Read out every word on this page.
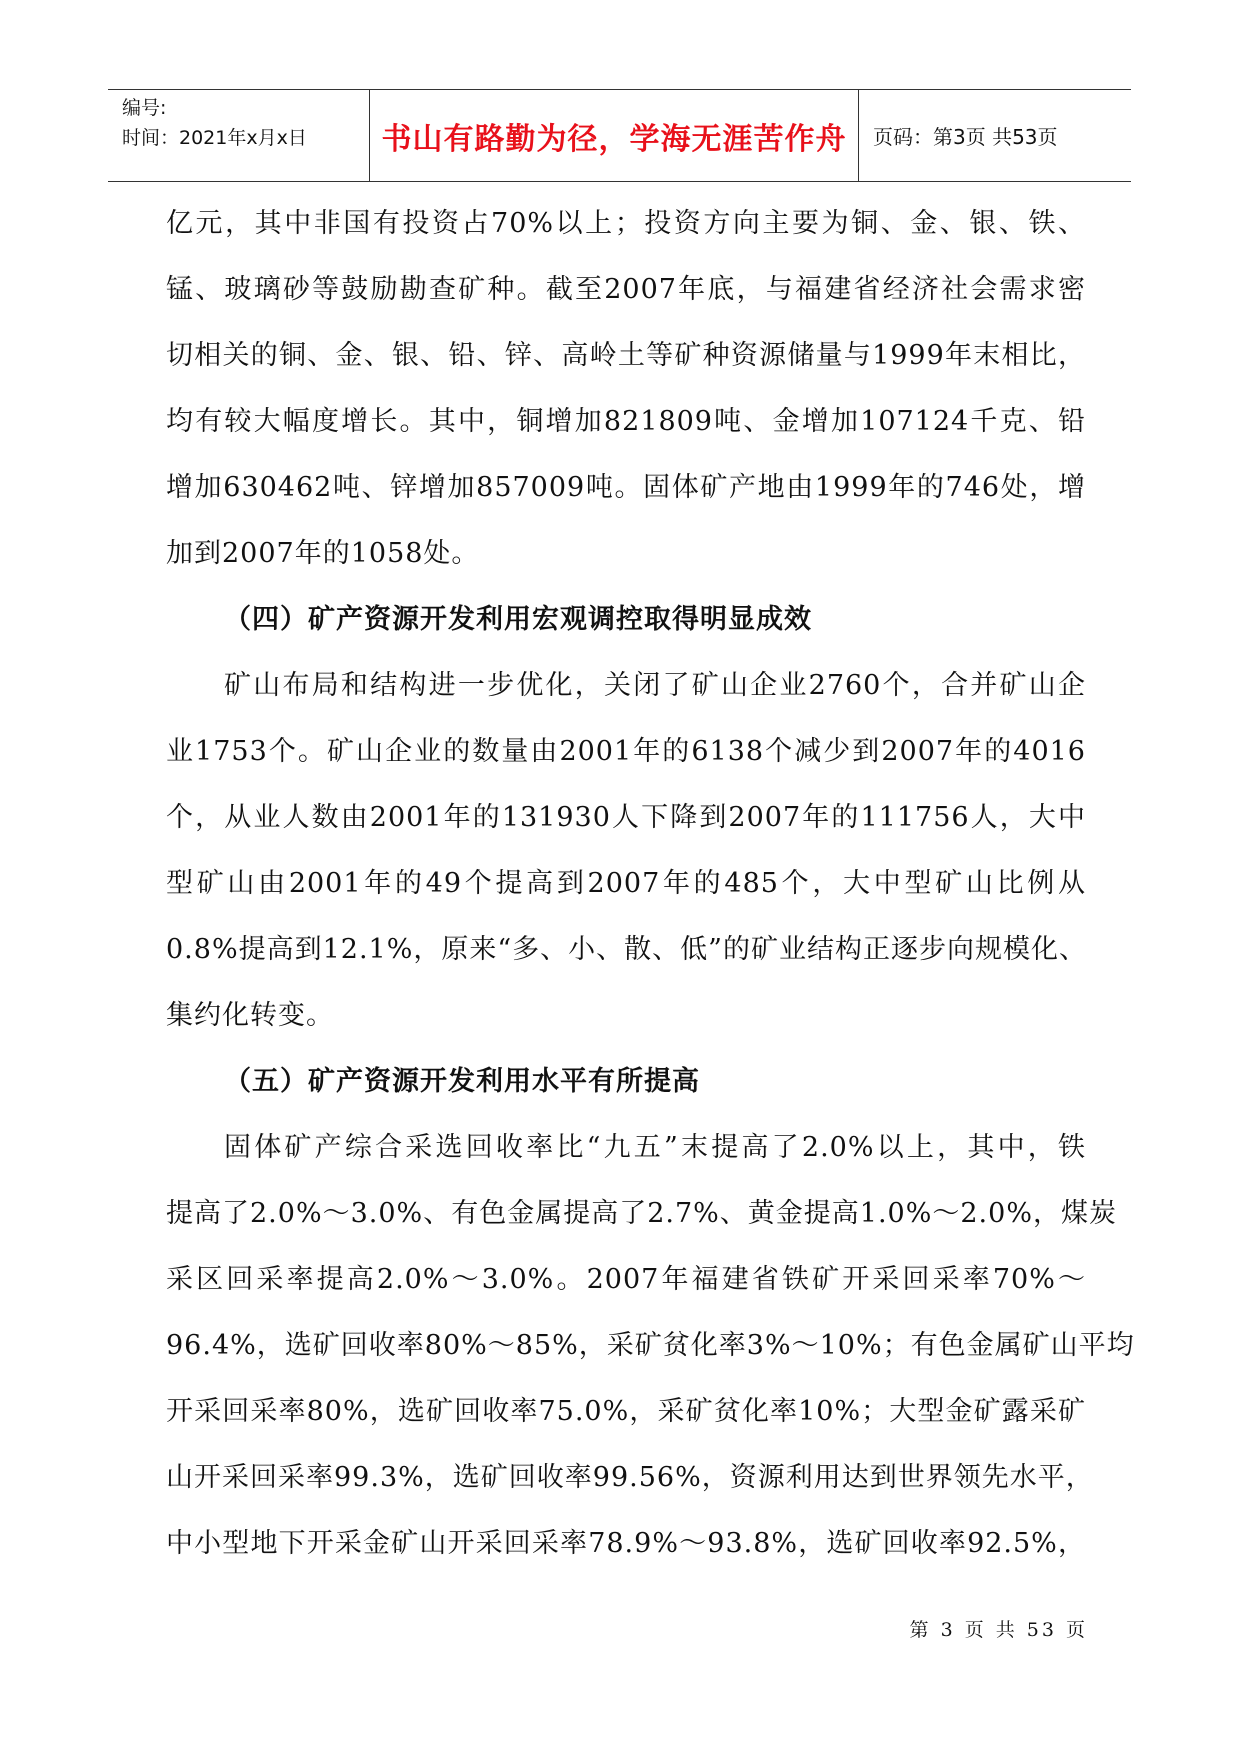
编号:
时间：2021年x月x日	书山有路勤为径，学海无涯苦作舟 页码：第3页 共53页
亿元，其中非国有投资占70%以上；投资方向主要为铜、金、银、铁、
锰、玻璃砂等鼓励勘查矿种。截至2007年底，与福建省经济社会需求密
切相关的铜、金、银、铅、锌、高岭土等矿种资源储量与1999年末相比，
均有较大幅度增长。其中，铜增加821809吨、金增加107124千克、铅
增加630462吨、锌增加857009吨。固体矿产地由1999年的746处，增
加到2007年的1058处。
（四）矿产资源开发利用宏观调控取得明显成效
矿山布局和结构进一步优化，关闭了矿山企业2760个，合并矿山企
业1753个。矿山企业的数量由2001年的6138个减少到2007年的4016
个，从业人数由2001年的131930人下降到2007年的111756人，大中
型矿山由2001年的49个提高到2007年的485个，大中型矿山比例从
0.8%提高到12.1%，原来“多、小、散、低”的矿业结构正逐步向规模化、
集约化转变。
（五）矿产资源开发利用水平有所提高
固体矿产综合采选回收率比“九五”末提高了2.0%以上，其中，铁
提高了2.0%～3.0%、有色金属提高了2.7%、黄金提高1.0%～2.0%，煤炭
采区回采率提高2.0%～3.0%。2007年福建省铁矿开采回采率70%～
96.4%，选矿回收率80%～85%，采矿贫化率3%～10%；有色金属矿山平均
开采回采率80%，选矿回收率75.0%，采矿贫化率10%；大型金矿露采矿
山开采回采率99.3%，选矿回收率99.56%，资源利用达到世界领先水平，
中小型地下开采金矿山开采回采率78.9%～93.8%，选矿回收率92.5%，
第 3 页 共 53 页
